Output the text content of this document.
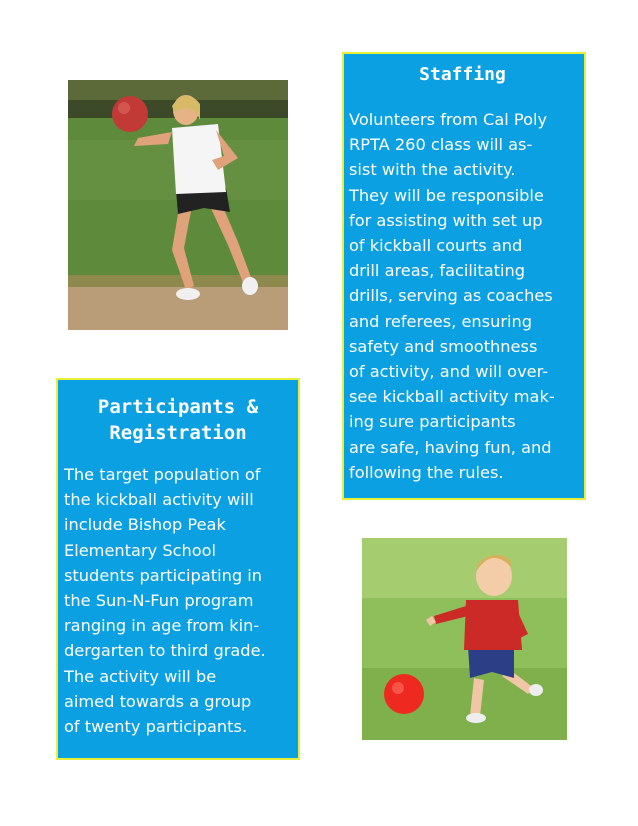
Staffing

Volunteers from Cal Poly
RPTA 260 class will as-
sist with the activity.
They will be responsible
for assisting with set up
of kickball courts and
drill areas, facilitating
drills, serving as coaches
and referees, ensuring
safety and smoothness
of activity, and will over-
see kickball activity mak-
ing sure participants
are safe, having fun, and
following the rules.

Participants &
Registration

The target population of
the kickball activity will
include Bishop Peak
Elementary School
students participating in
the Sun-N-Fun program
ranging in age from kin-
dergarten to third grade.
The activity will be
aimed towards a group
of twenty participants.
